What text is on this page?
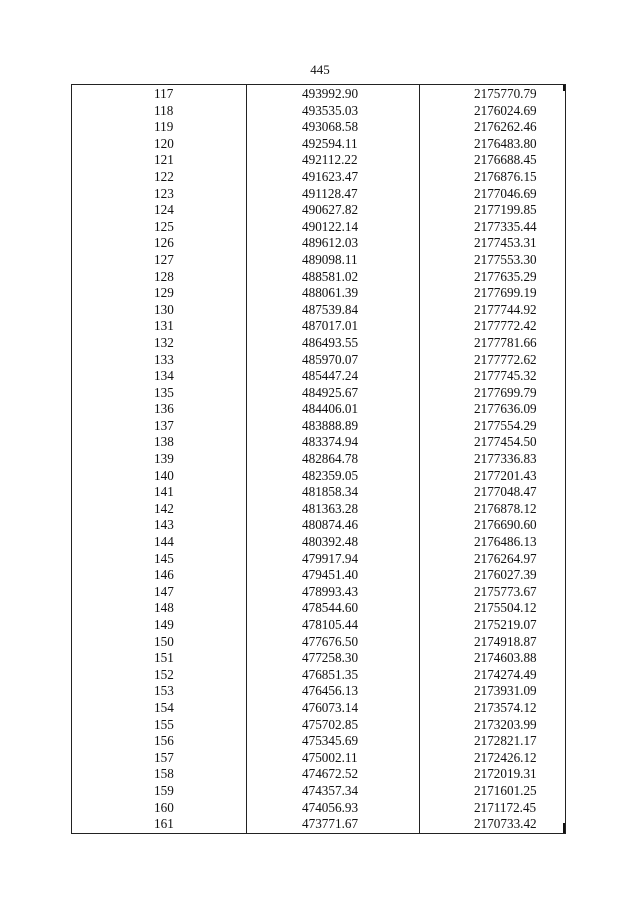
445
117	493992.90	2175770.79
118	493535.03	2176024.69
119	493068.58	2176262.46
120	492594.11	2176483.80
121	492112.22	2176688.45
122	491623.47	2176876.15
123	491128.47	2177046.69
124	490627.82	2177199.85
125	490122.14	2177335.44
126	489612.03	2177453.31
127	489098.11	2177553.30
128	488581.02	2177635.29
129	488061.39	2177699.19
130	487539.84	2177744.92
131	487017.01	2177772.42
132	486493.55	2177781.66
133	485970.07	2177772.62
134	485447.24	2177745.32
135	484925.67	2177699.79
136	484406.01	2177636.09
137	483888.89	2177554.29
138	483374.94	2177454.50
139	482864.78	2177336.83
140	482359.05	2177201.43
141	481858.34	2177048.47
142	481363.28	2176878.12
143	480874.46	2176690.60
144	480392.48	2176486.13
145	479917.94	2176264.97
146	479451.40	2176027.39
147	478993.43	2175773.67
148	478544.60	2175504.12
149	478105.44	2175219.07
150	477676.50	2174918.87
151	477258.30	2174603.88
152	476851.35	2174274.49
153	476456.13	2173931.09
154	476073.14	2173574.12
155	475702.85	2173203.99
156	475345.69	2172821.17
157	475002.11	2172426.12
158	474672.52	2172019.31
159	474357.34	2171601.25
160	474056.93	2171172.45
161	473771.67	2170733.42
